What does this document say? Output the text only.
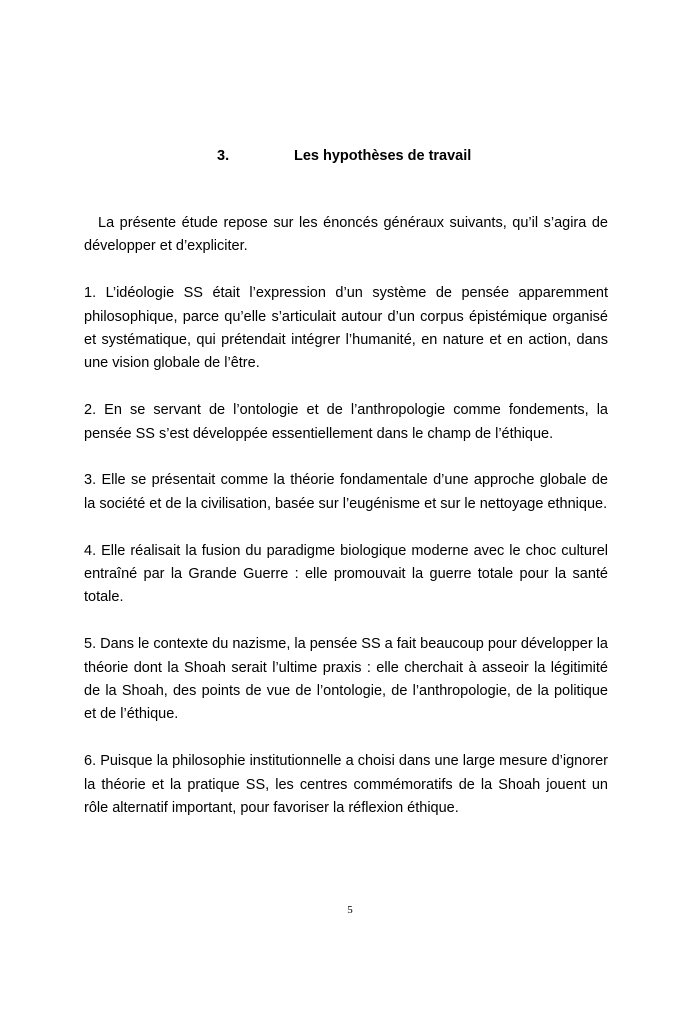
3.	Les hypothèses de travail

La présente étude repose sur les énoncés généraux suivants, qu’il s’agira de développer et d’expliciter.

1. L’idéologie SS était l’expression d’un système de pensée apparemment philosophique, parce qu’elle s’articulait autour d’un corpus épistémique organisé et systématique, qui prétendait intégrer l’humanité, en nature et en action, dans une vision globale de l’être.

2. En se servant de l’ontologie et de l’anthropologie comme fondements, la pensée SS s’est développée essentiellement dans le champ de l’éthique.

3. Elle se présentait comme la théorie fondamentale d’une approche globale de la société et de la civilisation, basée sur l’eugénisme et sur le nettoyage ethnique.

4. Elle réalisait la fusion du paradigme biologique moderne avec le choc culturel entraîné par la Grande Guerre : elle promouvait la guerre totale pour la santé totale.

5. Dans le contexte du nazisme, la pensée SS a fait beaucoup pour développer la théorie dont la Shoah serait l’ultime praxis : elle cherchait à asseoir la légitimité de la Shoah, des points de vue de l’ontologie, de l’anthropologie, de la politique et de l’éthique.

6. Puisque la philosophie institutionnelle a choisi dans une large mesure d’ignorer la théorie et la pratique SS, les centres commémoratifs de la Shoah jouent un rôle alternatif important, pour favoriser la réflexion éthique.

5
